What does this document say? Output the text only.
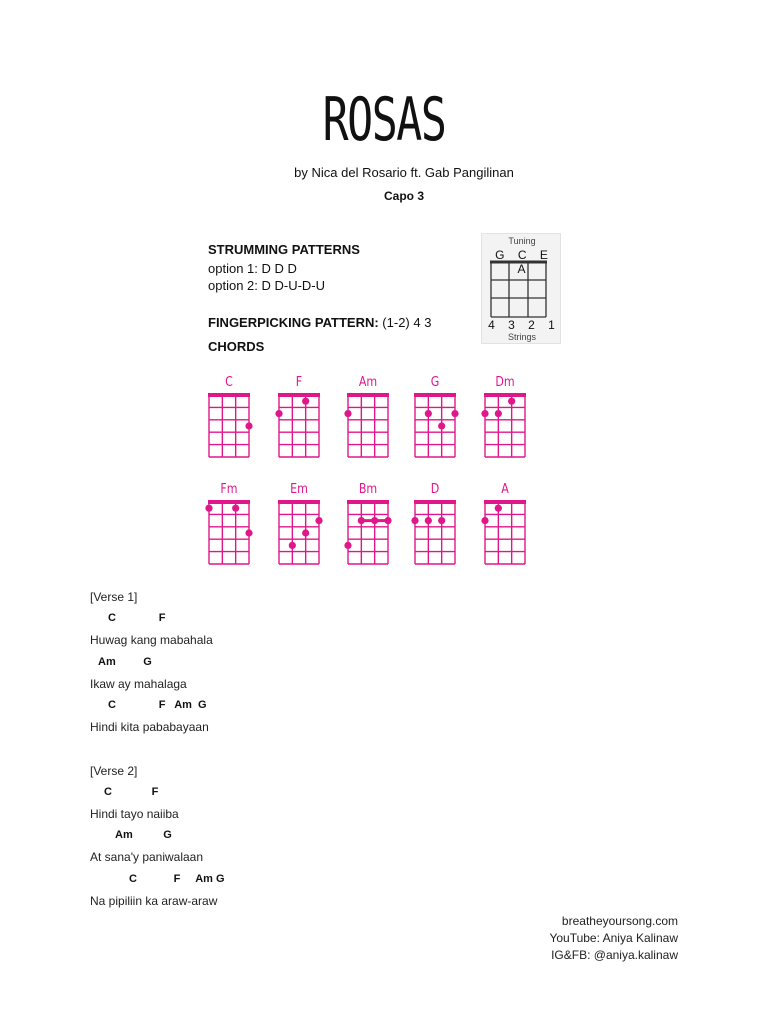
ROSAS
by Nica del Rosario ft. Gab Pangilinan
Capo 3
STRUMMING PATTERNS
option 1: D D D
option 2: D D-U-D-U
FINGERPICKING PATTERN: (1-2) 4 3
CHORDS
Tuning
G C E A
4 3 2 1
Strings
C	F	Am	G	Dm
Fm	Em	Bm	D	A
[Verse 1]
C              F
Huwag kang mabahala
Am         G
Ikaw ay mahalaga
C              F   Am  G
Hindi kita pababayaan
[Verse 2]
C             F
Hindi tayo naiiba
Am          G
At sana'y paniwalaan
C            F     Am G
Na pipiliin ka araw-araw
breatheyoursong.com
YouTube: Aniya Kalinaw
IG&FB: @aniya.kalinaw
